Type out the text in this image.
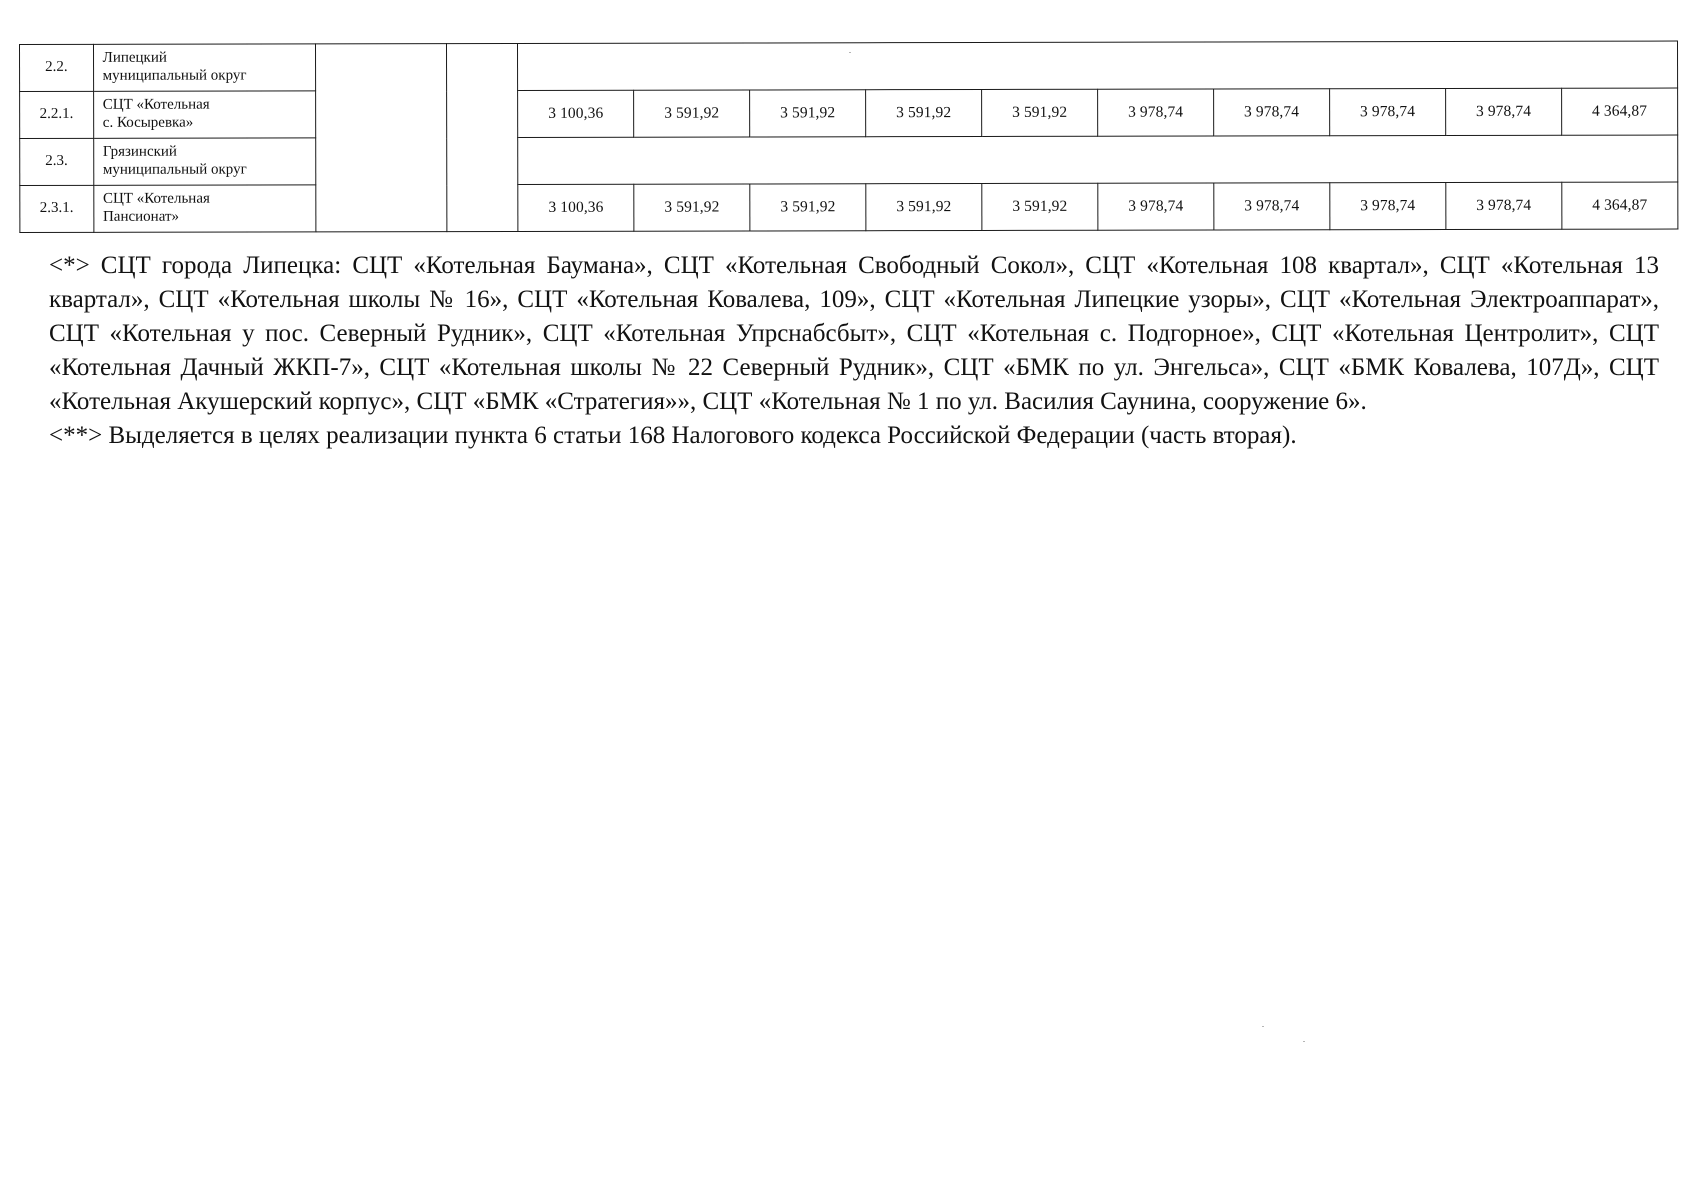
2.2.	Липецкий
муниципальный округ												

2.2.1.	СЦТ «Котельная
с. Косыревка»			3 100,36	3 591,92	3 591,92	3 591,92	3 591,92	3 978,74	3 978,74	3 978,74	3 978,74	4 364,87
2.3.	Грязинский
муниципальный округ												

2.3.1.	СЦТ «Котельная
Пансионат»			3 100,36	3 591,92	3 591,92	3 591,92	3 591,92	3 978,74	3 978,74	3 978,74	3 978,74	4 364,87

<*> СЦТ города Липецка: СЦТ «Котельная Баумана», СЦТ «Котельная Свободный Сокол», СЦТ «Котельная 108 квартал», СЦТ «Котельная 13 квартал», СЦТ «Котельная школы № 16», СЦТ «Котельная Ковалева, 109», СЦТ «Котельная Липецкие узоры», СЦТ «Котельная Электроаппарат», СЦТ «Котельная у пос. Северный Рудник», СЦТ «Котельная Упрснабсбыт», СЦТ «Котельная с. Подгорное», СЦТ «Котельная Центролит», СЦТ «Котельная Дачный ЖКП-7», СЦТ «Котельная школы № 22 Северный Рудник», СЦТ «БМК по ул. Энгельса», СЦТ «БМК Ковалева, 107Д», СЦТ «Котельная Акушерский корпус», СЦТ «БМК «Стратегия»», СЦТ «Котельная № 1 по ул. Василия Саунина, сооружение 6».

<**> Выделяется в целях реализации пункта 6 статьи 168 Налогового кодекса Российской Федерации (часть вторая).
